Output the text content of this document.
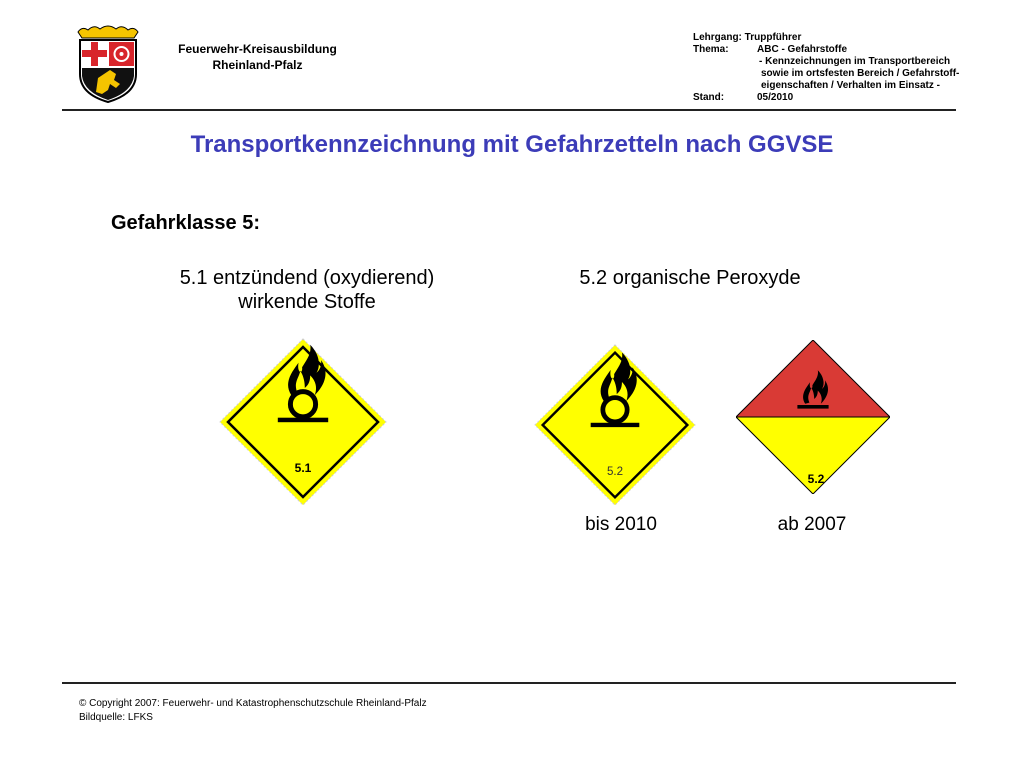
Feuerwehr-Kreisausbildung
Rheinland-Pfalz
Lehrgang: Truppführer
Thema:	ABC - Gefahrstoffe
- Kennzeichnungen im Transportbereich
sowie im ortsfesten Bereich / Gefahrstoff-
eigenschaften / Verhalten im Einsatz -
Stand:	05/2010
Transportkennzeichnung mit Gefahrzetteln nach GGVSE
Gefahrklasse 5:
5.1 entzündend (oxydierend)
wirkende Stoffe
5.2 organische Peroxyde
5.1	5.2	5.2
bis 2010	ab 2007
© Copyright 2007: Feuerwehr- und Katastrophenschutzschule Rheinland-Pfalz
Bildquelle: LFKS
